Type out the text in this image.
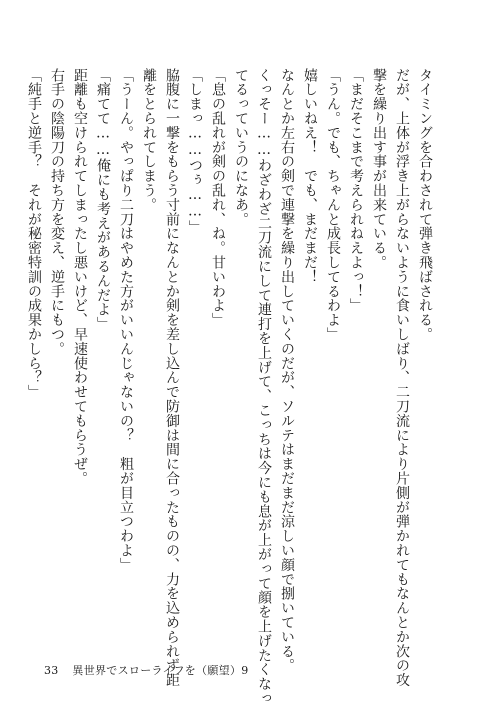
タイミングを合わされて弾き飛ばされる。
だが、上体が浮き上がらないように食いしばり、二刀流により片側が弾かれてもなんとか次の攻
撃を繰り出す事が出来ている。
「まだそこまで考えられねえよっ！」
「うん。でも、ちゃんと成長してるわよ」
嬉しいねえ！　でも、まだまだ！
なんとか左右の剣で連撃を繰り出していくのだが、ソルテはまだまだ涼しい顔で捌いている。
くっそー……わざわざ二刀流にして連打を上げて、こっちは今にも息が上がって顔を上げたくなっ
てるっていうのになあ。
「息の乱れが剣の乱れ、ね。甘いわよ」
「しまっ……つぅ……」
脇腹に一撃をもらう寸前になんとか剣を差し込んで防御は間に合ったものの、力を込められず距
離をとられてしまう。
「うーん。やっぱり二刀はやめた方がいいんじゃないの？　粗が目立つわよ」
「痛てて……俺にも考えがあるんだよ」
距離も空けられてしまったし悪いけど、早速使わせてもらうぜ。
右手の陰陽刀の持ち方を変え、逆手にもつ。
「純手と逆手？　それが秘密特訓の成果かしら？」
33 異世界でスローライフを（願望）9
